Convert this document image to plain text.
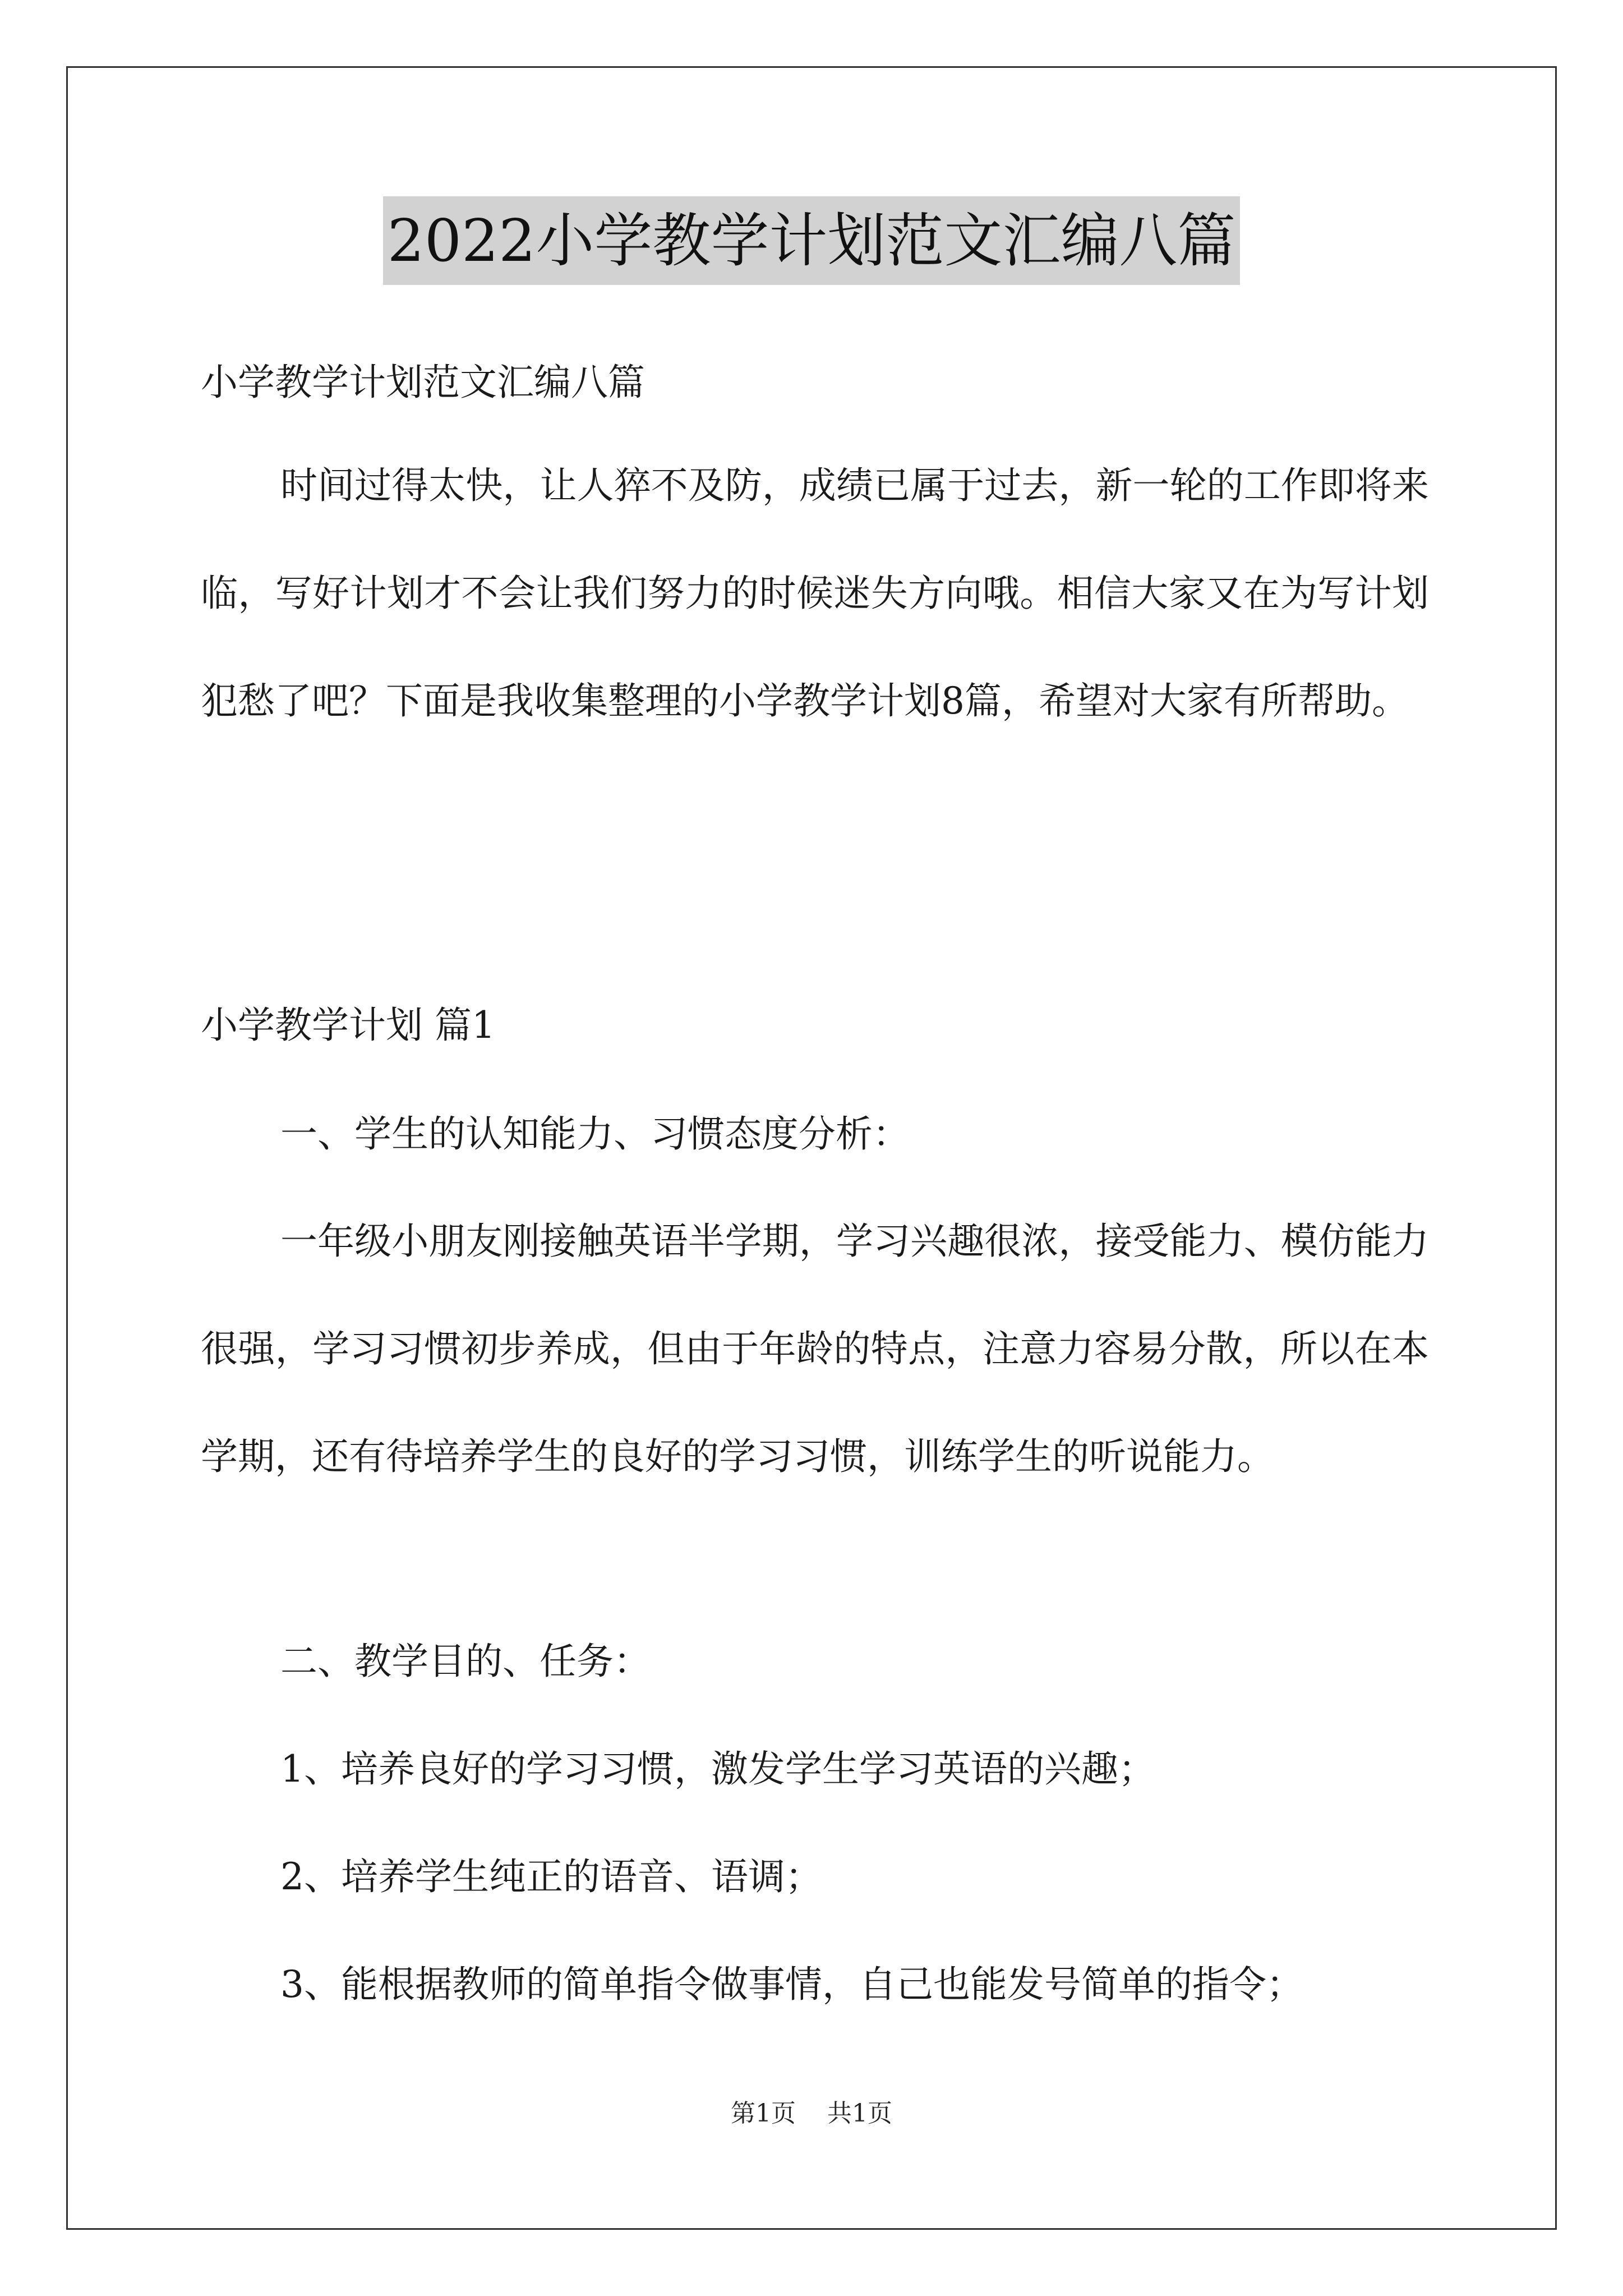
2022小学教学计划范文汇编八篇
小学教学计划范文汇编八篇

时间过得太快，让人猝不及防，成绩已属于过去，新一轮的工作即将来临，写好计划才不会让我们努力的时候迷失方向哦。相信大家又在为写计划犯愁了吧？下面是我收集整理的小学教学计划8篇，希望对大家有所帮助。

小学教学计划 篇1
一、学生的认知能力、习惯态度分析：

一年级小朋友刚接触英语半学期，学习兴趣很浓，接受能力、模仿能力很强，学习习惯初步养成，但由于年龄的特点，注意力容易分散，所以在本学期，还有待培养学生的良好的学习习惯，训练学生的听说能力。

二、教学目的、任务：
1、培养良好的学习习惯，激发学生学习英语的兴趣；
2、培养学生纯正的语音、语调；
3、能根据教师的简单指令做事情，自己也能发号简单的指令；
第1页 共1页
